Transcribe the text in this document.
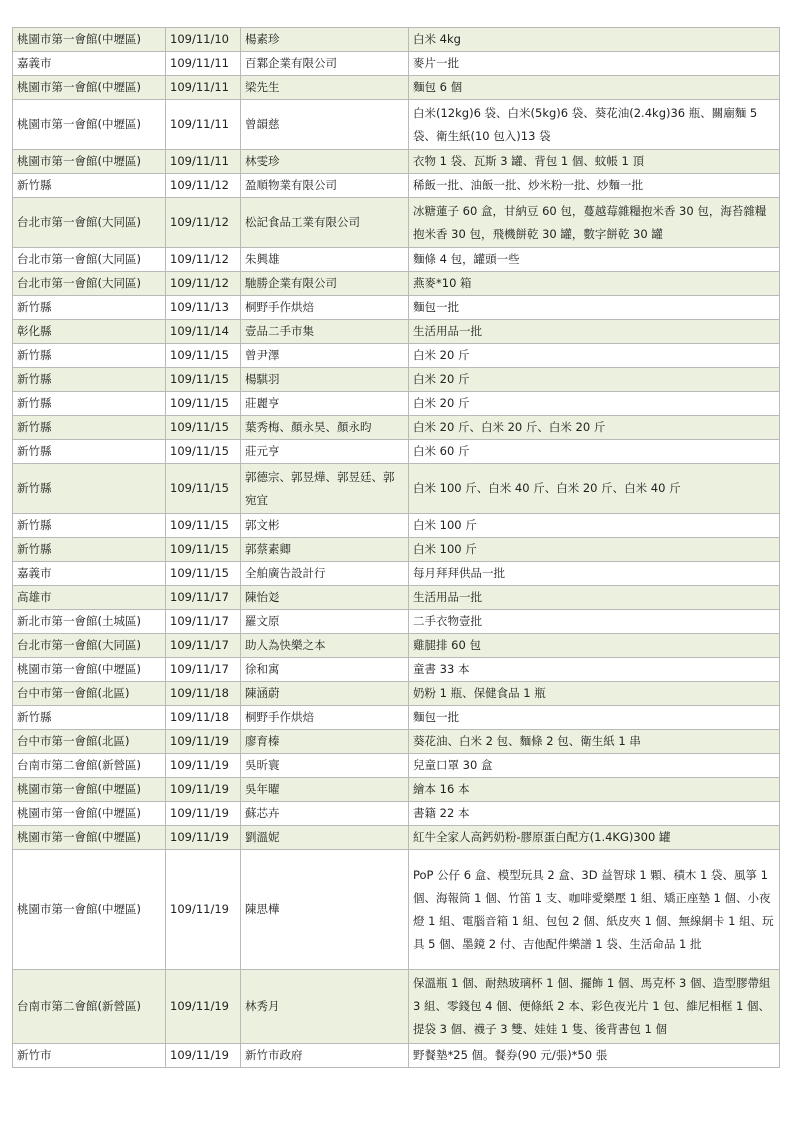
桃園市第一會館(中壢區)	109/11/10	楊素珍	白米 4kg
嘉義市	109/11/11	百鄴企業有限公司	麥片一批
桃園市第一會館(中壢區)	109/11/11	梁先生	麵包 6 個
桃園市第一會館(中壢區)	109/11/11	曾韻慈	白米(12kg)6 袋、白米(5kg)6 袋、葵花油(2.4kg)36 瓶、關廟麵 5 袋、衛生紙(10 包入)13 袋
桃園市第一會館(中壢區)	109/11/11	林雯珍	衣物 1 袋、瓦斯 3 罐、背包 1 個、蚊帳 1 頂
新竹縣	109/11/12	盈順物業有限公司	稀飯一批、油飯一批、炒米粉一批、炒麵一批
台北市第一會館(大同區)	109/11/12	松記食品工業有限公司	冰糖蓮子 60 盒，甘納豆 60 包，蔓越莓雜糧抱米香 30 包，海苔雜糧抱米香 30 包，飛機餅乾 30 罐，數字餅乾 30 罐
台北市第一會館(大同區)	109/11/12	朱興雄	麵條 4 包，罐頭一些
台北市第一會館(大同區)	109/11/12	馳勝企業有限公司	燕麥*10 箱
新竹縣	109/11/13	桐野手作烘焙	麵包一批
彰化縣	109/11/14	壹品二手市集	生活用品一批
新竹縣	109/11/15	曾尹澤	白米 20 斤
新竹縣	109/11/15	楊騏羽	白米 20 斤
新竹縣	109/11/15	莊麗亨	白米 20 斤
新竹縣	109/11/15	葉秀梅、顏永昊、顏永昀	白米 20 斤、白米 20 斤、白米 20 斤
新竹縣	109/11/15	莊元亨	白米 60 斤
新竹縣	109/11/15	郭德宗、郭昱燁、郭昱廷、郭宛宜	白米 100 斤、白米 40 斤、白米 20 斤、白米 40 斤
新竹縣	109/11/15	郭文彬	白米 100 斤
新竹縣	109/11/15	郭蔡素卿	白米 100 斤
嘉義市	109/11/15	全舶廣告設計行	每月拜拜供品一批
高雄市	109/11/17	陳怡彣	生活用品一批
新北市第一會館(土城區)	109/11/17	羅文原	二手衣物壹批
台北市第一會館(大同區)	109/11/17	助人為快樂之本	雞腿排 60 包
桃園市第一會館(中壢區)	109/11/17	徐和寓	童書 33 本
台中市第一會館(北區)	109/11/18	陳涵蔚	奶粉 1 瓶、保健食品 1 瓶
新竹縣	109/11/18	桐野手作烘焙	麵包一批
台中市第一會館(北區)	109/11/19	廖育榛	葵花油、白米 2 包、麵條 2 包、衛生紙 1 串
台南市第二會館(新營區)	109/11/19	吳昕寰	兒童口罩 30 盒
桃園市第一會館(中壢區)	109/11/19	吳年曜	繪本 16 本
桃園市第一會館(中壢區)	109/11/19	蘇芯卉	書籍 22 本
桃園市第一會館(中壢區)	109/11/19	劉溫妮	紅牛全家人高鈣奶粉-膠原蛋白配方(1.4KG)300 罐
桃園市第一會館(中壢區)	109/11/19	陳思樺	PoP 公仔 6 盒、模型玩具 2 盒、3D 益智球 1 顆、積木 1 袋、風箏 1 個、海報筒 1 個、竹笛 1 支、咖啡愛樂壓 1 組、矯正座墊 1 個、小夜燈 1 組、電腦音箱 1 組、包包 2 個、紙皮夾 1 個、無線網卡 1 組、玩具 5 個、墨鏡 2 付、吉他配件樂譜 1 袋、生活命品 1 批
台南市第二會館(新營區)	109/11/19	林秀月	保溫瓶 1 個、耐熱玻璃杯 1 個、擺飾 1 個、馬克杯 3 個、造型膠帶組 3 組、零錢包 4 個、便條紙 2 本、彩色夜光片 1 包、維尼相框 1 個、提袋 3 個、襪子 3 雙、娃娃 1 隻、後背書包 1 個
新竹市	109/11/19	新竹市政府	野餐墊*25 個。餐券(90 元/張)*50 張
